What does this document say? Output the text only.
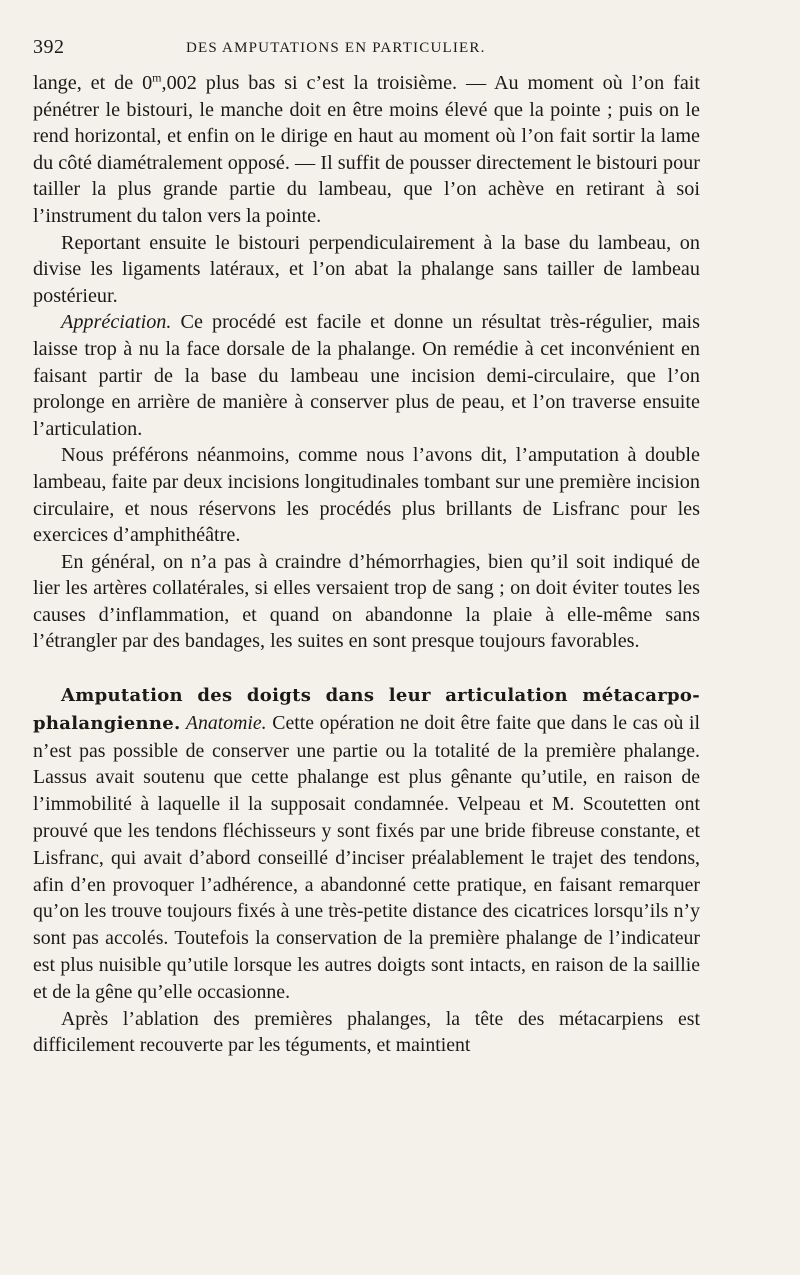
392	DES AMPUTATIONS EN PARTICULIER.

lange, et de 0$^m$,002 plus bas si c’est la troisième. — Au moment où l’on fait pénétrer le bistouri, le manche doit en être moins élevé que la pointe ; puis on le rend horizontal, et enfin on le dirige en haut au moment où l’on fait sortir la lame du côté diamétralement opposé. — Il suffit de pousser directement le bistouri pour tailler la plus grande partie du lambeau, que l’on achève en retirant à soi l’instrument du talon vers la pointe.

Reportant ensuite le bistouri perpendiculairement à la base du lambeau, on divise les ligaments latéraux, et l’on abat la phalange sans tailler de lambeau postérieur.

Appréciation. Ce procédé est facile et donne un résultat très-régulier, mais laisse trop à nu la face dorsale de la phalange. On remédie à cet inconvénient en faisant partir de la base du lambeau une incision demi-circulaire, que l’on prolonge en arrière de manière à conserver plus de peau, et l’on traverse ensuite l’articulation.

Nous préférons néanmoins, comme nous l’avons dit, l’amputation à double lambeau, faite par deux incisions longitudinales tombant sur une première incision circulaire, et nous réservons les procédés plus brillants de Lisfranc pour les exercices d’amphithéâtre.

En général, on n’a pas à craindre d’hémorrhagies, bien qu’il soit indiqué de lier les artères collatérales, si elles versaient trop de sang ; on doit éviter toutes les causes d’inflammation, et quand on abandonne la plaie à elle-même sans l’étrangler par des bandages, les suites en sont presque toujours favorables.

Amputation des doigts dans leur articulation métacarpo-phalangienne. Anatomie. Cette opération ne doit être faite que dans le cas où il n’est pas possible de conserver une partie ou la totalité de la première phalange. Lassus avait soutenu que cette phalange est plus gênante qu’utile, en raison de l’immobilité à laquelle il la supposait condamnée. Velpeau et M. Scoutetten ont prouvé que les tendons fléchisseurs y sont fixés par une bride fibreuse constante, et Lisfranc, qui avait d’abord conseillé d’inciser préalablement le trajet des tendons, afin d’en provoquer l’adhérence, a abandonné cette pratique, en faisant remarquer qu’on les trouve toujours fixés à une très-petite distance des cicatrices lorsqu’ils n’y sont pas accolés. Toutefois la conservation de la première phalange de l’indicateur est plus nuisible qu’utile lorsque les autres doigts sont intacts, en raison de la saillie et de la gêne qu’elle occasionne.

Après l’ablation des premières phalanges, la tête des métacarpiens est difficilement recouverte par les téguments, et maintient
